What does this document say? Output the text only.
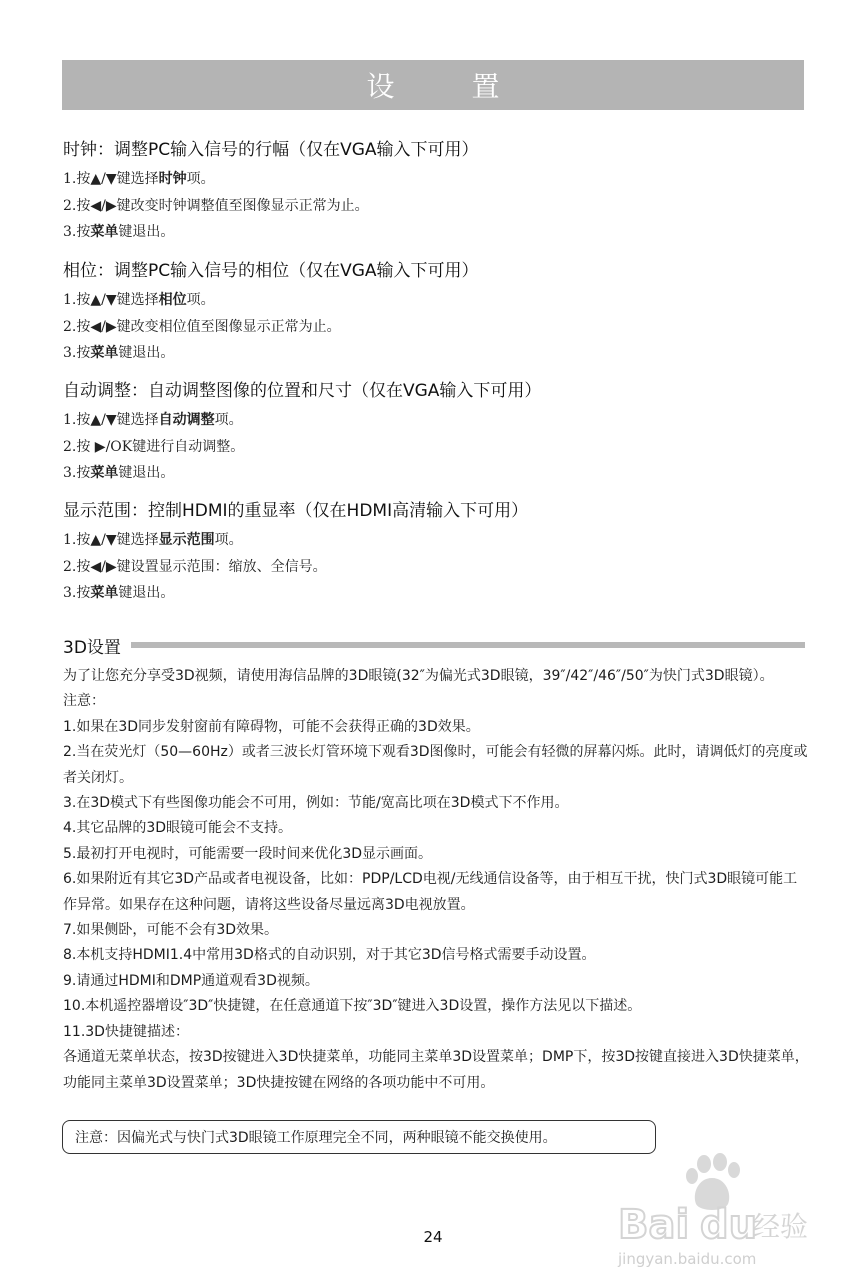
设 置
时钟：调整PC输入信号的行幅（仅在VGA输入下可用）
1.按▲/▼键选择时钟项。
2.按◀/▶键改变时钟调整值至图像显示正常为止。
3.按菜单键退出。
相位：调整PC输入信号的相位（仅在VGA输入下可用）
1.按▲/▼键选择相位项。
2.按◀/▶键改变相位值至图像显示正常为止。
3.按菜单键退出。
自动调整：自动调整图像的位置和尺寸（仅在VGA输入下可用）
1.按▲/▼键选择自动调整项。
2.按 ▶/OK键进行自动调整。
3.按菜单键退出。
显示范围：控制HDMI的重显率（仅在HDMI高清输入下可用）
1.按▲/▼键选择显示范围项。
2.按◀/▶键设置显示范围：缩放、全信号。
3.按菜单键退出。
3D设置

为了让您充分享受3D视频，请使用海信品牌的3D眼镜(32″为偏光式3D眼镜，39″/42″/46″/50″为快门式3D眼镜）。

注意：

1.如果在3D同步发射窗前有障碍物，可能不会获得正确的3D效果。

2.当在荧光灯（50—60Hz）或者三波长灯管环境下观看3D图像时，可能会有轻微的屏幕闪烁。此时，请调低灯的亮度或者关闭灯。

3.在3D模式下有些图像功能会不可用，例如：节能/宽高比项在3D模式下不作用。

4.其它品牌的3D眼镜可能会不支持。

5.最初打开电视时，可能需要一段时间来优化3D显示画面。

6.如果附近有其它3D产品或者电视设备，比如：PDP/LCD电视/无线通信设备等，由于相互干扰，快门式3D眼镜可能工作异常。如果存在这种问题，请将这些设备尽量远离3D电视放置。

7.如果侧卧，可能不会有3D效果。

8.本机支持HDMI1.4中常用3D格式的自动识别，对于其它3D信号格式需要手动设置。

9.请通过HDMI和DMP通道观看3D视频。

10.本机遥控器增设″3D″快捷键，在任意通道下按″3D″键进入3D设置，操作方法见以下描述。

11.3D快捷键描述：

各通道无菜单状态，按3D按键进入3D快捷菜单，功能同主菜单3D设置菜单；DMP下，按3D按键直接进入3D快捷菜单，功能同主菜单3D设置菜单；3D快捷按键在网络的各项功能中不可用。

注意：因偏光式与快门式3D眼镜工作原理完全不同，两种眼镜不能交换使用。
24	Bai du
经验
jingyan.baidu.com
